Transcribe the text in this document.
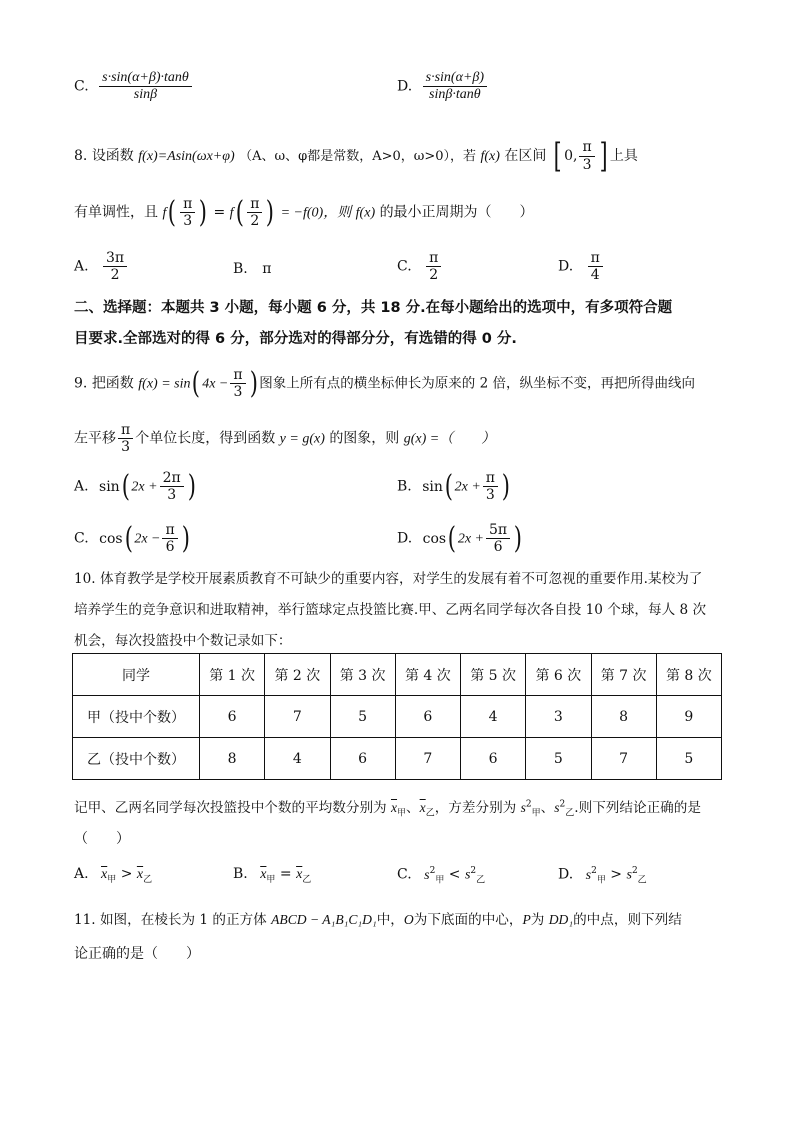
C. $\frac{s\cdot\sin(\alpha+\beta)\cdot\tan\theta}{\sin\beta}$	D. $\frac{s\cdot\sin(\alpha+\beta)}{\sin\beta\cdot\tan\theta}$
8. 设函数 f(x)=Asin(ωx+φ) （A、ω、φ都是常数，A>0，ω>0），若 f(x) 在区间 [ 0, $\frac{\pi}{3}$ ] 上具
有单调性，且 $f( \frac{\pi}{3}$ ) = $f( \frac{\pi}{2}$ ) = −f(0)，则 f(x) 的最小正周期为（　　）
A. $\frac{3\pi}{2}$	B. π	C. $\frac{\pi}{2}$	D. $\frac{\pi}{4}$
二、选择题：本题共 3 小题，每小题 6 分，共 18 分.在每小题给出的选项中，有多项符合题
目要求.全部选对的得 6 分，部分选对的得部分分，有选错的得 0 分.
9. 把函数 f(x) = sin( $4x - \frac{\pi}{3}$ ) 图象上所有点的横坐标伸长为原来的 2 倍，纵坐标不变，再把所得曲线向
左平移 $\frac{\pi}{3}$ 个单位长度，得到函数 y = g(x) 的图象，则 g(x) =（　　）
A. sin( $2x + \frac{2\pi}{3}$ )	B. sin( $2x + \frac{\pi}{3}$ )
C. cos( $2x - \frac{\pi}{6}$ )	D. cos( $2x + \frac{5\pi}{6}$ )
10. 体育教学是学校开展素质教育不可缺少的重要内容，对学生的发展有着不可忽视的重要作用.某校为了
培养学生的竞争意识和进取精神，举行篮球定点投篮比赛.甲、乙两名同学每次各自投 10 个球，每人 8 次
机会，每次投篮投中个数记录如下：
同学	第 1 次	第 2 次	第 3 次	第 4 次	第 5 次	第 6 次	第 7 次	第 8 次
甲（投中个数）	6	7	5	6	4	3	8	9
乙（投中个数）	8	4	6	7	6	5	7	5
记甲、乙两名同学每次投篮投中个数的平均数分别为 $\overline{x}_甲$、$\overline{x}_乙$，方差分别为 $s^2_甲$、$s^2_乙$.则下列结论正确的是
（　　）
A. $\overline{x}_甲 > \overline{x}_乙$	B. $\overline{x}_甲 = \overline{x}_乙$	C. $s^2_甲 < s^2_乙$	D. $s^2_甲 > s^2_乙$
11. 如图，在棱长为 1 的正方体 ABCD − A₁B₁C₁D₁中，O为下底面的中心，P为 DD₁的中点，则下列结
论正确的是（　　）
